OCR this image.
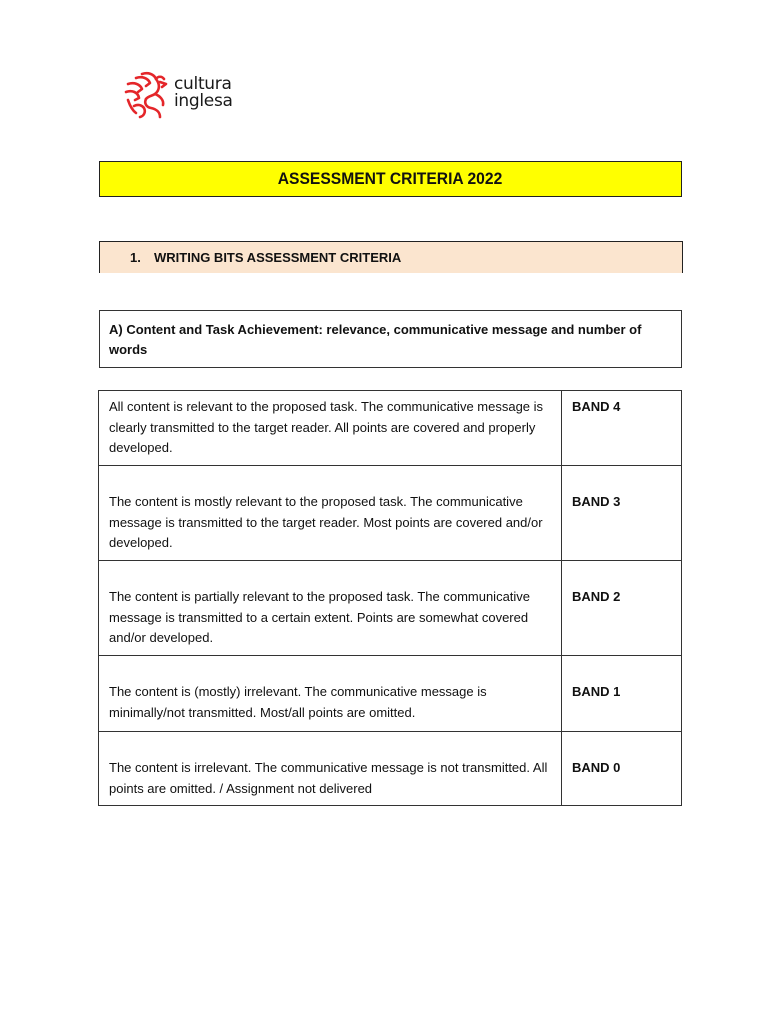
cultura
inglesa
ASSESSMENT CRITERIA 2022
1.	WRITING BITS ASSESSMENT CRITERIA
A) Content and Task Achievement: relevance, communicative message and number of words
All content is relevant to the proposed task. The communicative message is clearly transmitted to the target reader. All points are covered and properly developed.	BAND 4
The content is mostly relevant to the proposed task. The communicative message is transmitted to the target reader. Most points are covered and/or developed.	BAND 3
The content is partially relevant to the proposed task. The communicative message is transmitted to a certain extent. Points are somewhat covered and/or developed.	BAND 2
The content is (mostly) irrelevant. The communicative message is minimally/not transmitted. Most/all points are omitted.	BAND 1
The content is irrelevant. The communicative message is not transmitted. All points are omitted. / Assignment not delivered	BAND 0
